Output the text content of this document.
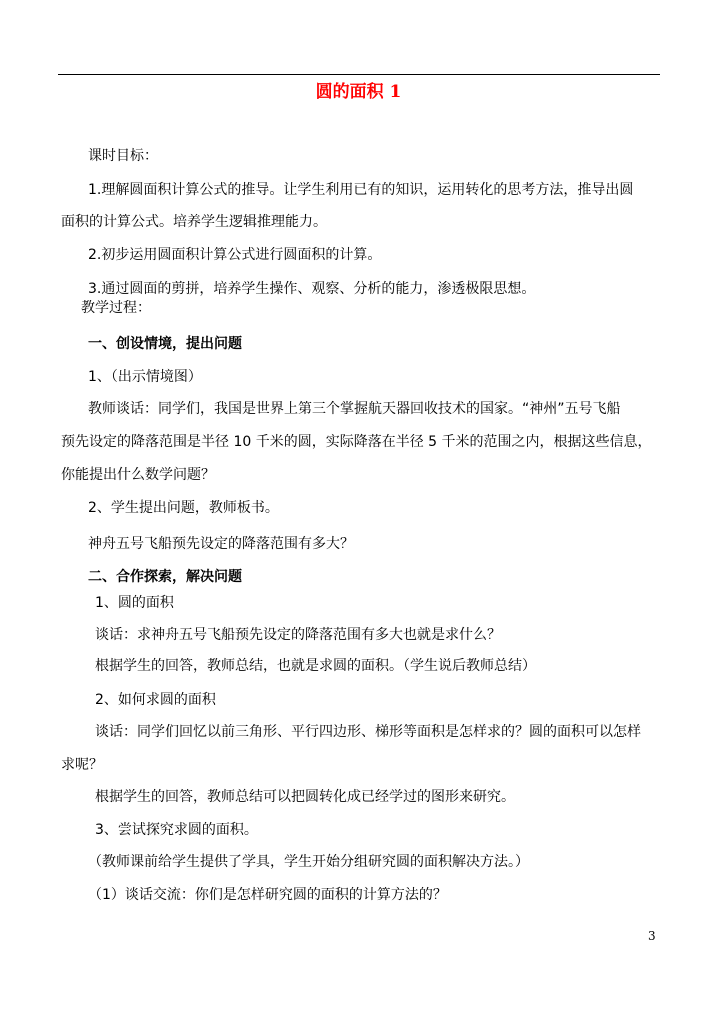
圆的面积 1
课时目标：
1.理解圆面积计算公式的推导。让学生利用已有的知识，运用转化的思考方法，推导出圆
面积的计算公式。培养学生逻辑推理能力。
2.初步运用圆面积计算公式进行圆面积的计算。
3.通过圆面的剪拼，培养学生操作、观察、分析的能力，渗透极限思想。
教学过程：
一、创设情境，提出问题
1、（出示情境图）
教师谈话：同学们，我国是世界上第三个掌握航天器回收技术的国家。“神州”五号飞船
预先设定的降落范围是半径 10 千米的圆，实际降落在半径 5 千米的范围之内，根据这些信息，
你能提出什么数学问题？
2、学生提出问题，教师板书。
神舟五号飞船预先设定的降落范围有多大？
二、合作探索，解决问题
1、圆的面积
谈话：求神舟五号飞船预先设定的降落范围有多大也就是求什么？
根据学生的回答，教师总结，也就是求圆的面积。（学生说后教师总结）
2、如何求圆的面积
谈话：同学们回忆以前三角形、平行四边形、梯形等面积是怎样求的？圆的面积可以怎样
求呢？
根据学生的回答，教师总结可以把圆转化成已经学过的图形来研究。
3、尝试探究求圆的面积。
（教师课前给学生提供了学具，学生开始分组研究圆的面积解决方法。）
（1）谈话交流：你们是怎样研究圆的面积的计算方法的？
3
